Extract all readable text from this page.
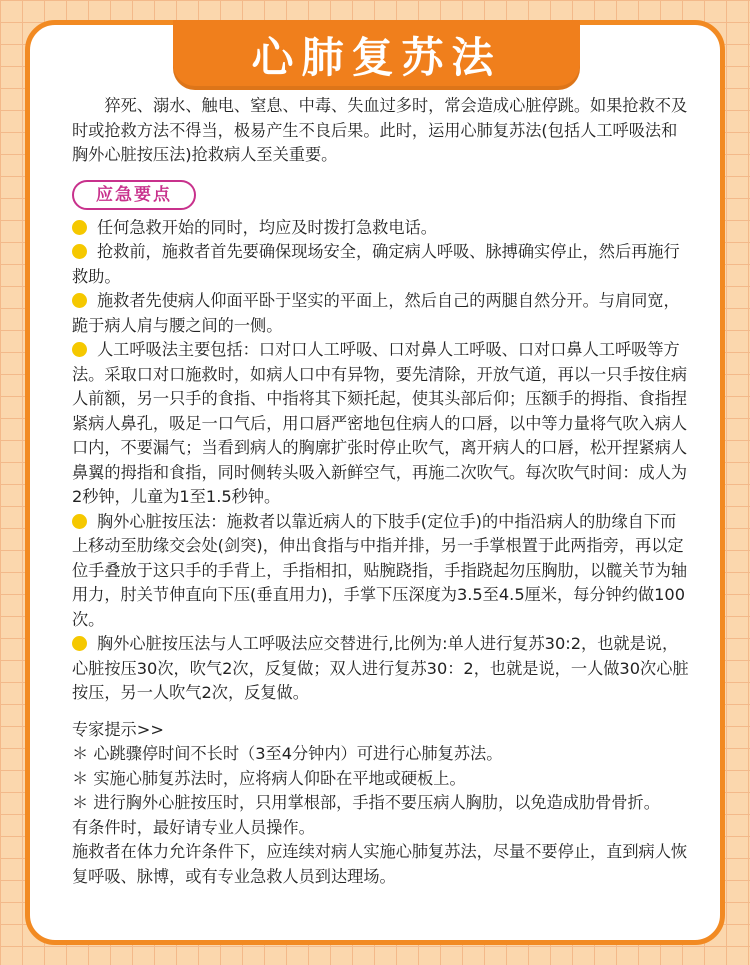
心肺复苏法

猝死、溺水、触电、窒息、中毒、失血过多时，常会造成心脏停跳。如果抢救不及时或抢救方法不得当，极易产生不良后果。此时，运用心肺复苏法(包括人工呼吸法和胸外心脏按压法)抢救病人至关重要。

应急要点

任何急救开始的同时，均应及时拨打急救电话。

抢救前，施救者首先要确保现场安全，确定病人呼吸、脉搏确实停止，然后再施行救助。

施救者先使病人仰面平卧于坚实的平面上，然后自己的两腿自然分开。与肩同宽，跪于病人肩与腰之间的一侧。

人工呼吸法主要包括：口对口人工呼吸、口对鼻人工呼吸、口对口鼻人工呼吸等方法。采取口对口施救时，如病人口中有异物，要先清除，开放气道，再以一只手按住病人前额，另一只手的食指、中指将其下颏托起，使其头部后仰；压额手的拇指、食指捏紧病人鼻孔，吸足一口气后，用口唇严密地包住病人的口唇，以中等力量将气吹入病人口内，不要漏气；当看到病人的胸廓扩张时停止吹气，离开病人的口唇，松开捏紧病人鼻翼的拇指和食指，同时侧转头吸入新鲜空气，再施二次吹气。每次吹气时间：成人为2秒钟，儿童为1至1.5秒钟。

胸外心脏按压法：施救者以靠近病人的下肢手(定位手)的中指沿病人的肋缘自下而上移动至肋缘交会处(剑突)，伸出食指与中指并排，另一手掌根置于此两指旁，再以定位手叠放于这只手的手背上，手指相扣，贴腕跷指，手指跷起勿压胸肋，以髋关节为轴用力，肘关节伸直向下压(垂直用力)，手掌下压深度为3.5至4.5厘米，每分钟约做100次。

胸外心脏按压法与人工呼吸法应交替进行,比例为:单人进行复苏30:2，也就是说，心脏按压30次，吹气2次，反复做；双人进行复苏30：2，也就是说，一人做30次心脏按压，另一人吹气2次，反复做。

专家提示>>

＊ 心跳骤停时间不长时（3至4分钟内）可进行心肺复苏法。

＊ 实施心肺复苏法时，应将病人仰卧在平地或硬板上。

＊ 进行胸外心脏按压时，只用掌根部，手指不要压病人胸肋，以免造成肋骨骨折。

有条件时，最好请专业人员操作。

施救者在体力允许条件下，应连续对病人实施心肺复苏法，尽量不要停止，直到病人恢复呼吸、脉博，或有专业急救人员到达理场。
